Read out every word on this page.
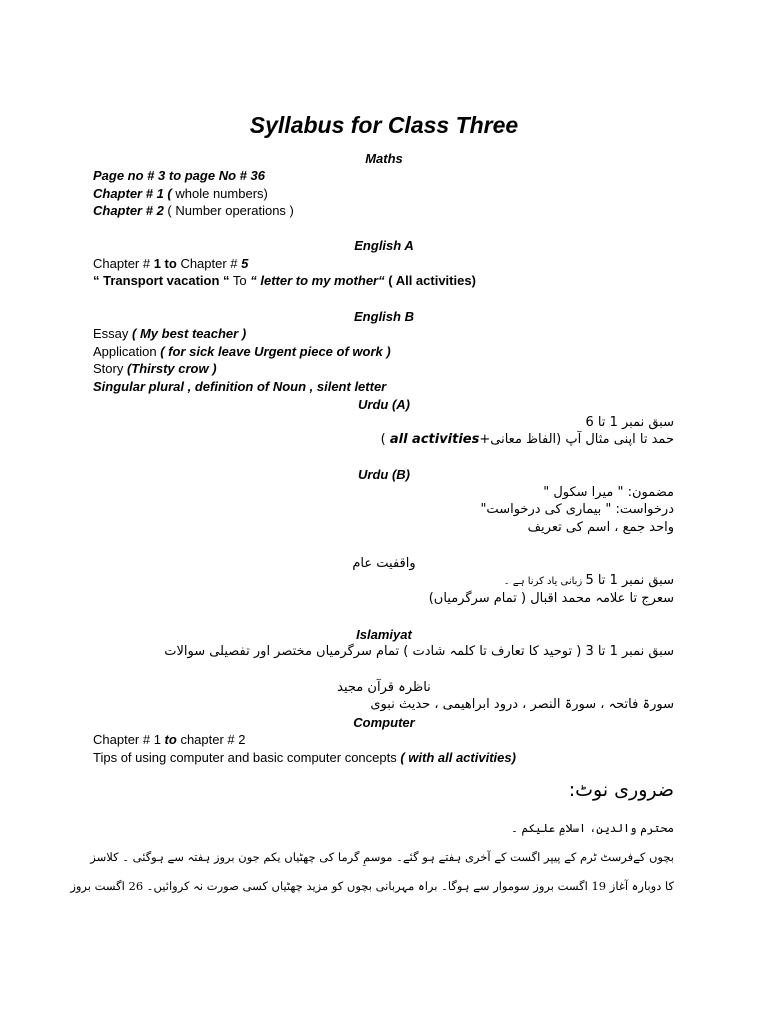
Syllabus for Class Three
Maths
Page no # 3 to page No # 36
Chapter # 1 ( whole numbers)
Chapter # 2 ( Number operations )
English A
Chapter # 1 to Chapter # 5
“ Transport vacation “ To “ letter to my mother“ ( All activities)
English B
Essay ( My best teacher )
Application ( for sick leave Urgent piece of work )
Story (Thirsty crow )
Singular plural , definition of Noun , silent letter
Urdu (A)
سبق نمبر 1 تا 6
حمد تا اپنی مثال آپ (الفاظ معانی+all activities )
Urdu (B)
مضمون: " میرا سکول "
درخواست: " بیماری کی درخواست"
واحد جمع ، اسم کی تعریف
واقفیت عام
سبق نمبر 1 تا 5 زبانی یاد کرنا ہے ۔
سعرج تا علامہ محمد اقبال ( تمام سرگرمیاں)
Islamiyat
سبق نمبر 1 تا 3 ( توحید کا تعارف تا کلمہ شادت ) تمام سرگرمیاں مختصر اور تفصیلی سوالات
ناظرہ قرآن مجید
سورۃ فاتحہ ، سورۃ النصر ، درود ابراھیمی ، حدیث نبوی
Computer
Chapter # 1 to chapter # 2
Tips of using computer and basic computer concepts ( with all activities)
ضروری نوٹ:
محترم والدین، اسلامِ علیکم ۔
بچوں کےفرسٹ ٹرم کے پیپر اگست کے آخری ہفتے ہو گئے۔ موسمِ گرما کی چھٹیاں یکم جون بروز ہفتہ سے ہوگئی ۔ کلاسز
کا دوبارہ آغاز 19 اگست بروز سوموار سے ہوگا۔ براہ مہربانی بچوں کو مزید چھٹیاں کسی صورت نہ کروائیں۔ 26 اگست بروز
